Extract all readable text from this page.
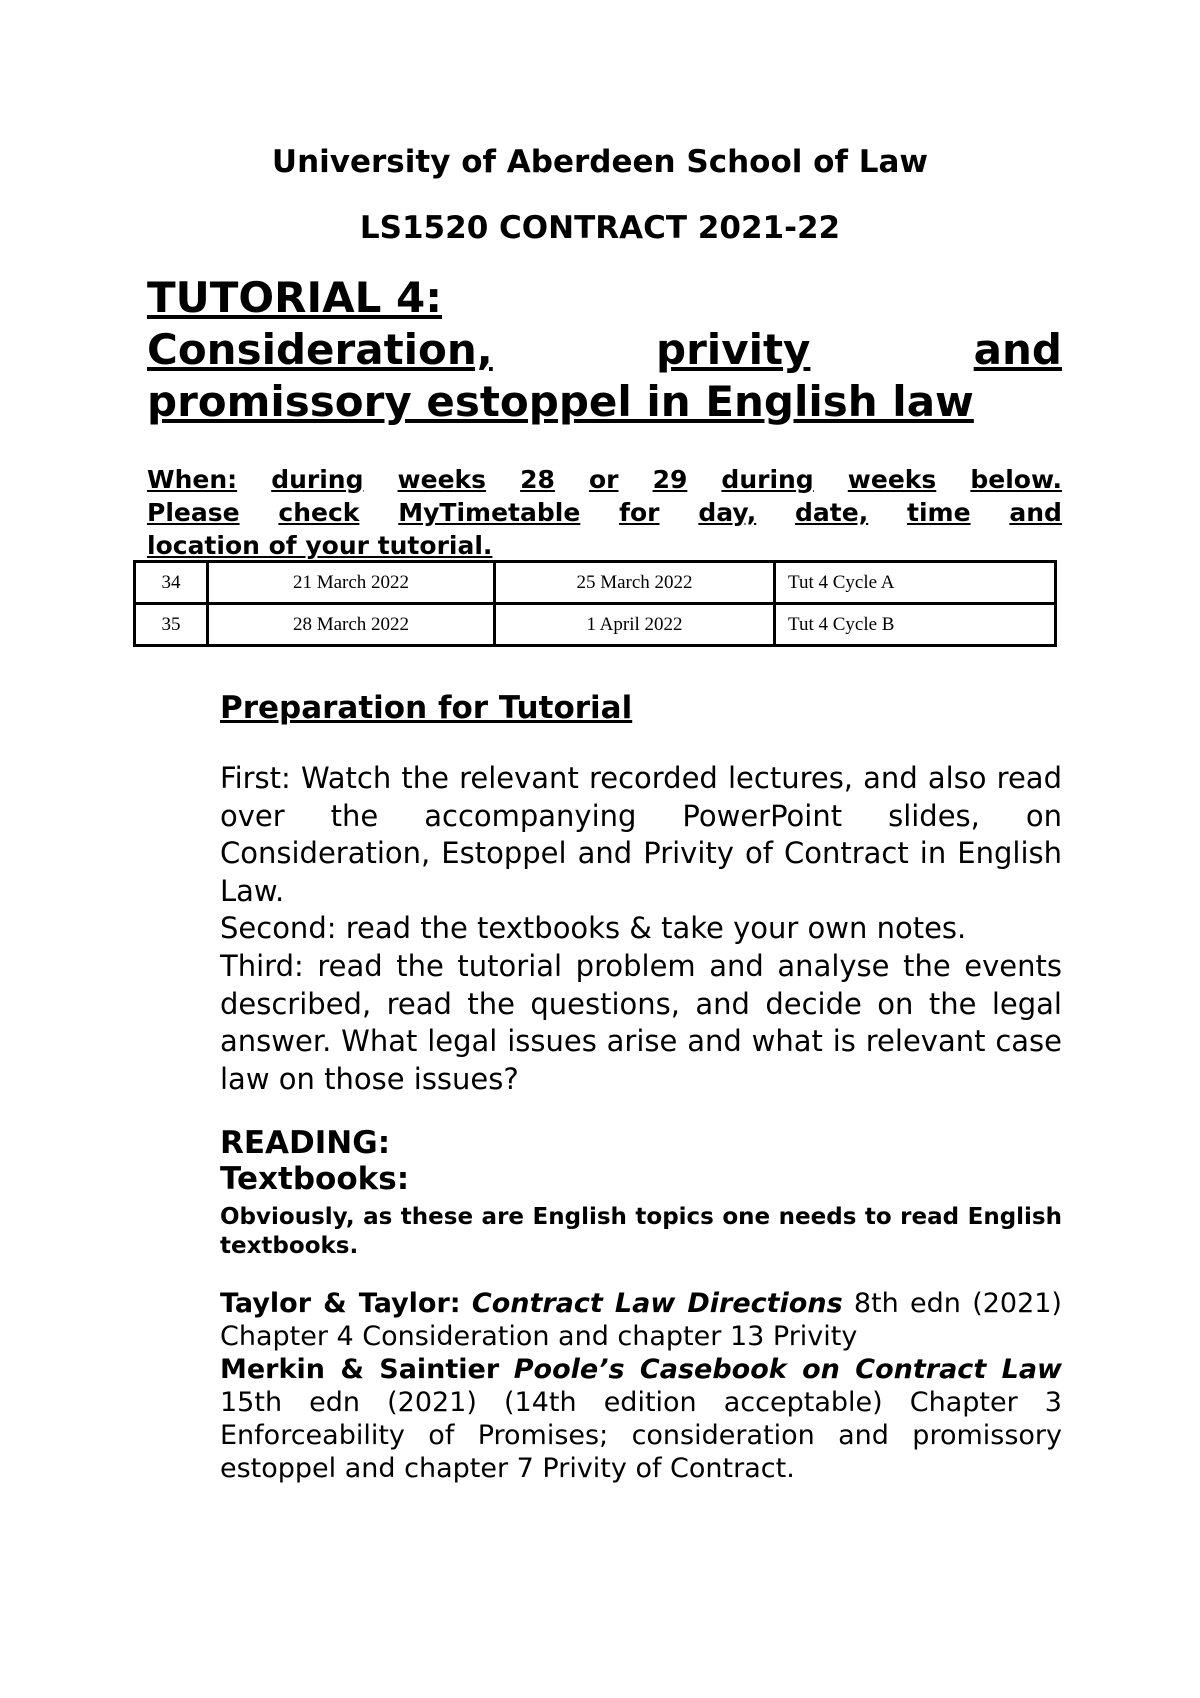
University of Aberdeen School of Law
LS1520 CONTRACT 2021-22
TUTORIAL 4:
Consideration,	privity	and
promissory estoppel in English law
When: during weeks 28 or 29 during weeks below.
Please check MyTimetable for day, date, time and
location of your tutorial.
34	21 March 2022	25 March 2022	Tut 4 Cycle A
35	28 March 2022	1 April 2022	Tut 4 Cycle B
Preparation for Tutorial

First: Watch the relevant recorded lectures, and also read over the accompanying PowerPoint slides, on Consideration, Estoppel and Privity of Contract in English Law.

Second: read the textbooks & take your own notes.

Third: read the tutorial problem and analyse the events described, read the questions, and decide on the legal answer. What legal issues arise and what is relevant case law on those issues?

READING:
Textbooks:
Obviously, as these are English topics one needs to read English textbooks.
Taylor & Taylor: Contract Law Directions 8th edn (2021) Chapter 4 Consideration and chapter 13 Privity
Merkin & Saintier Poole’s Casebook on Contract Law 15th edn (2021) (14th edition acceptable) Chapter 3 Enforceability of Promises; consideration and promissory estoppel and chapter 7 Privity of Contract.
